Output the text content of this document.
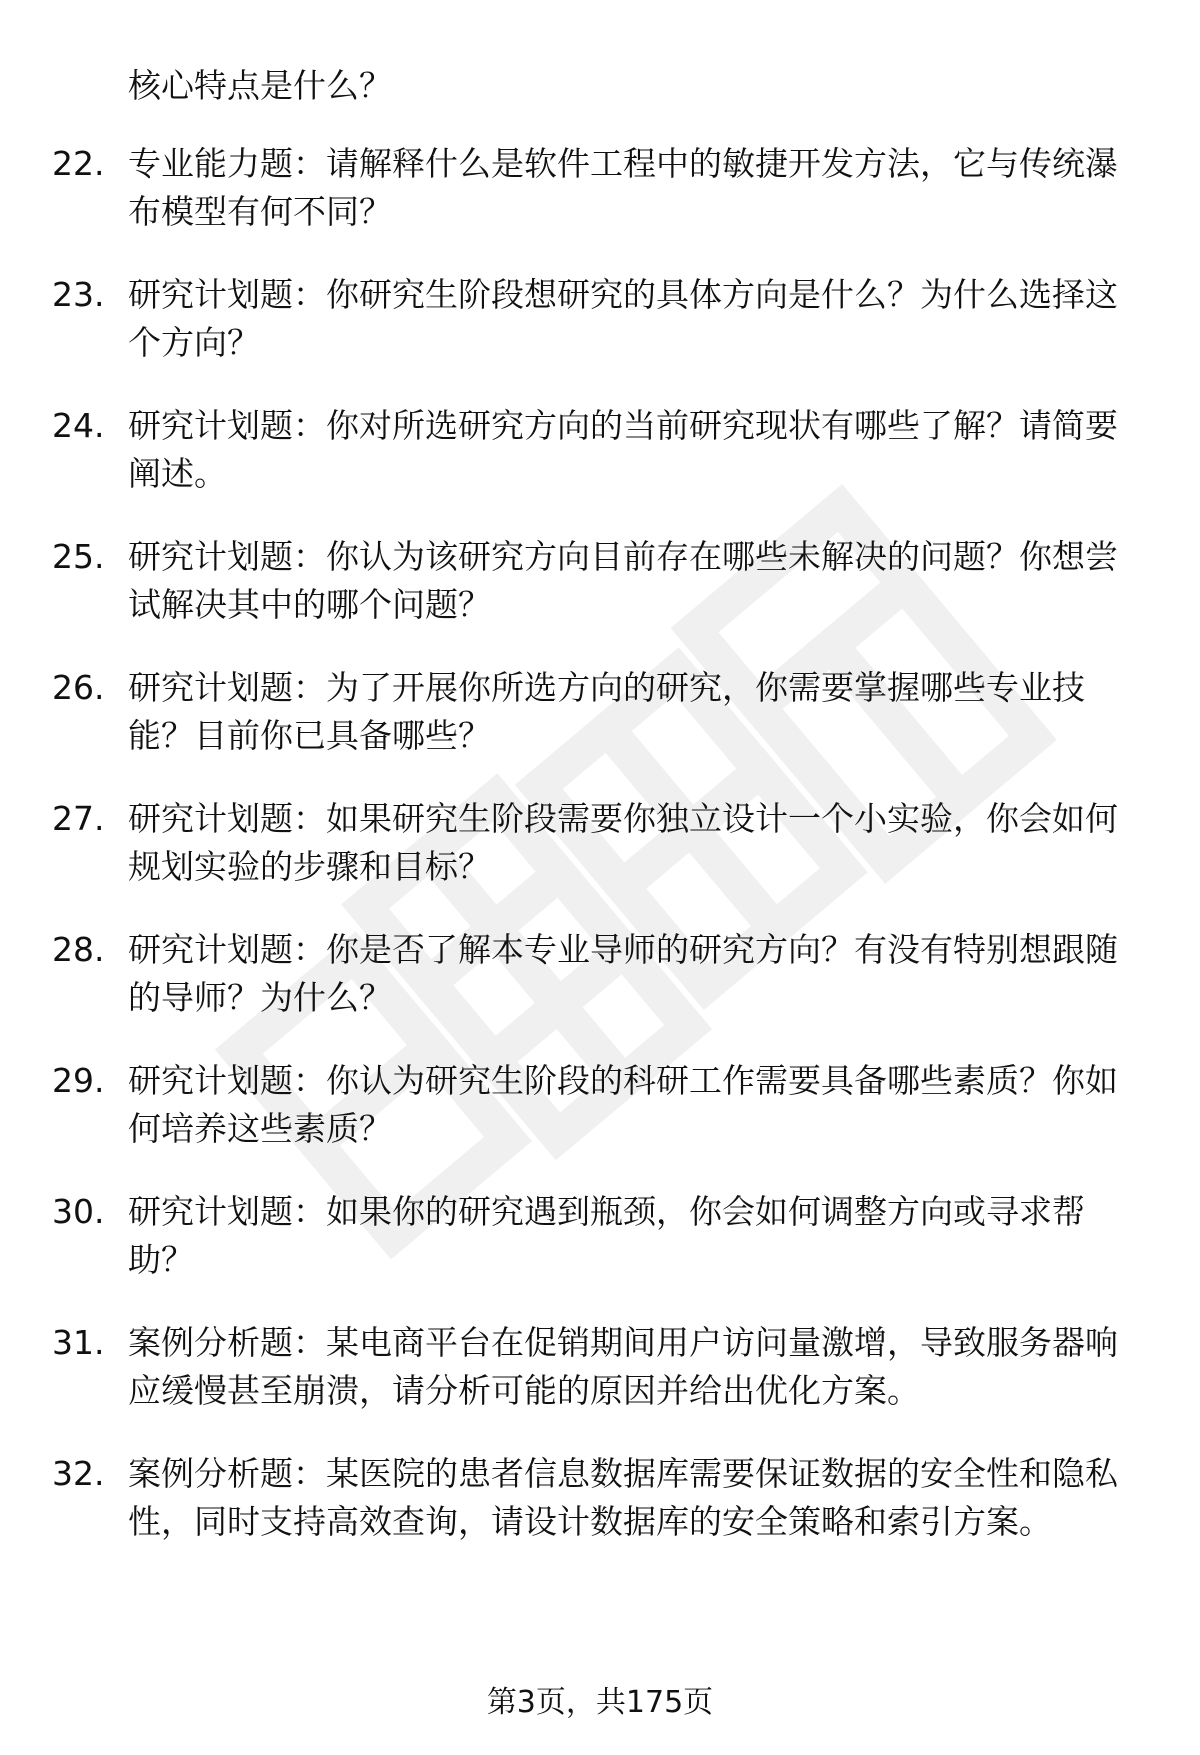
核心特点是什么？
22. 专业能力题：请解释什么是软件工程中的敏捷开发方法，它与传统瀑布模型有何不同？
23. 研究计划题：你研究生阶段想研究的具体方向是什么？为什么选择这个方向？
24. 研究计划题：你对所选研究方向的当前研究现状有哪些了解？请简要阐述。
25. 研究计划题：你认为该研究方向目前存在哪些未解决的问题？你想尝试解决其中的哪个问题？
26. 研究计划题：为了开展你所选方向的研究，你需要掌握哪些专业技能？目前你已具备哪些？
27. 研究计划题：如果研究生阶段需要你独立设计一个小实验，你会如何规划实验的步骤和目标？
28. 研究计划题：你是否了解本专业导师的研究方向？有没有特别想跟随的导师？为什么？
29. 研究计划题：你认为研究生阶段的科研工作需要具备哪些素质？你如何培养这些素质？
30. 研究计划题：如果你的研究遇到瓶颈，你会如何调整方向或寻求帮助？
31. 案例分析题：某电商平台在促销期间用户访问量激增，导致服务器响应缓慢甚至崩溃，请分析可能的原因并给出优化方案。
32. 案例分析题：某医院的患者信息数据库需要保证数据的安全性和隐私性，同时支持高效查询，请设计数据库的安全策略和索引方案。
第3页，共175页
